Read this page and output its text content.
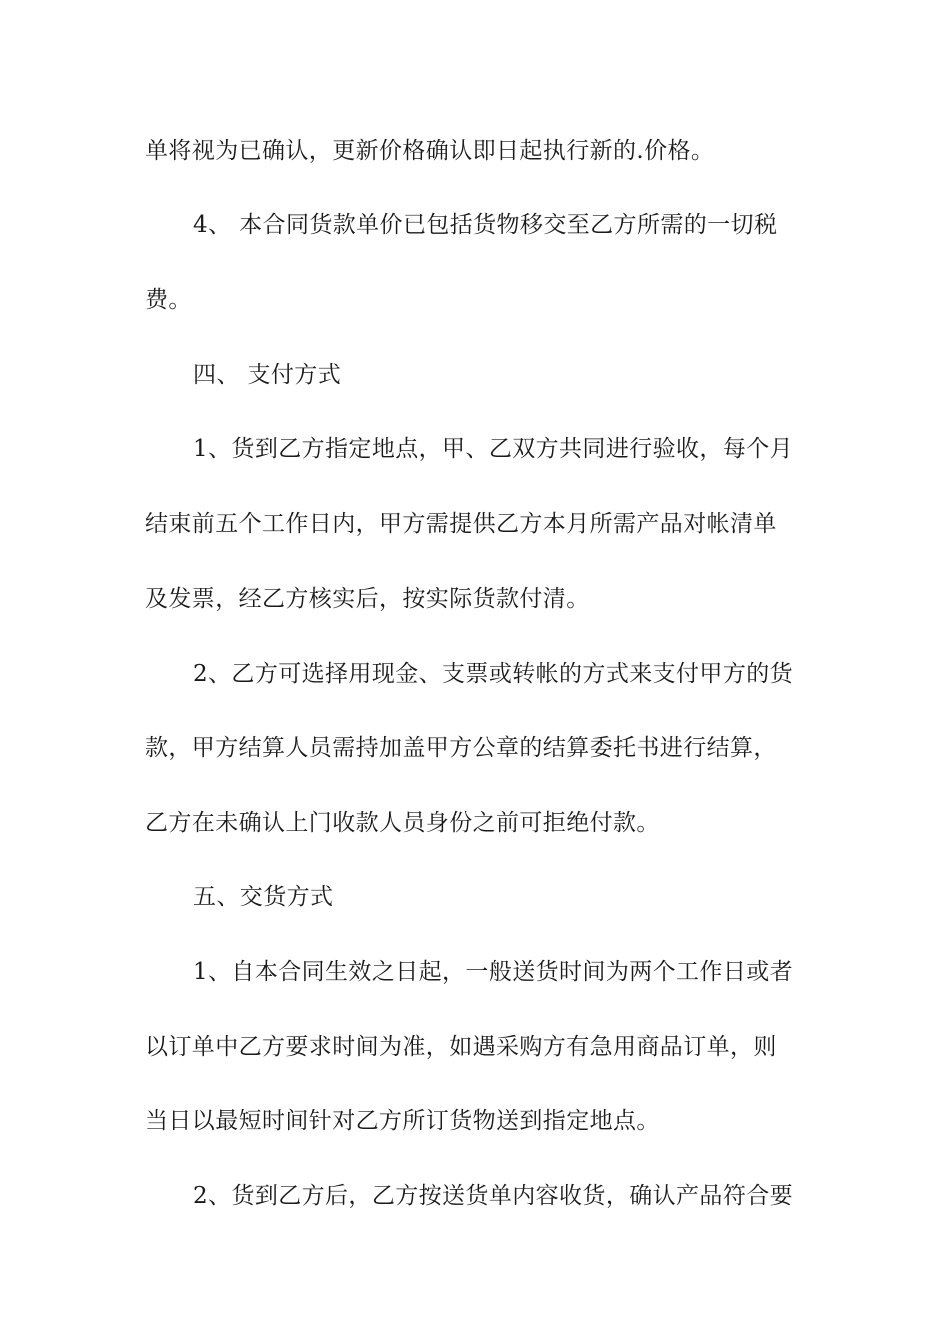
单将视为已确认，更新价格确认即日起执行新的.价格。
4、 本合同货款单价已包括货物移交至乙方所需的一切税
费。
四、 支付方式
1、货到乙方指定地点，甲、乙双方共同进行验收，每个月
结束前五个工作日内，甲方需提供乙方本月所需产品对帐清单
及发票，经乙方核实后，按实际货款付清。
2、乙方可选择用现金、支票或转帐的方式来支付甲方的货
款，甲方结算人员需持加盖甲方公章的结算委托书进行结算，
乙方在未确认上门收款人员身份之前可拒绝付款。
五、交货方式
1、自本合同生效之日起，一般送货时间为两个工作日或者
以订单中乙方要求时间为准，如遇采购方有急用商品订单，则
当日以最短时间针对乙方所订货物送到指定地点。
2、货到乙方后，乙方按送货单内容收货，确认产品符合要
